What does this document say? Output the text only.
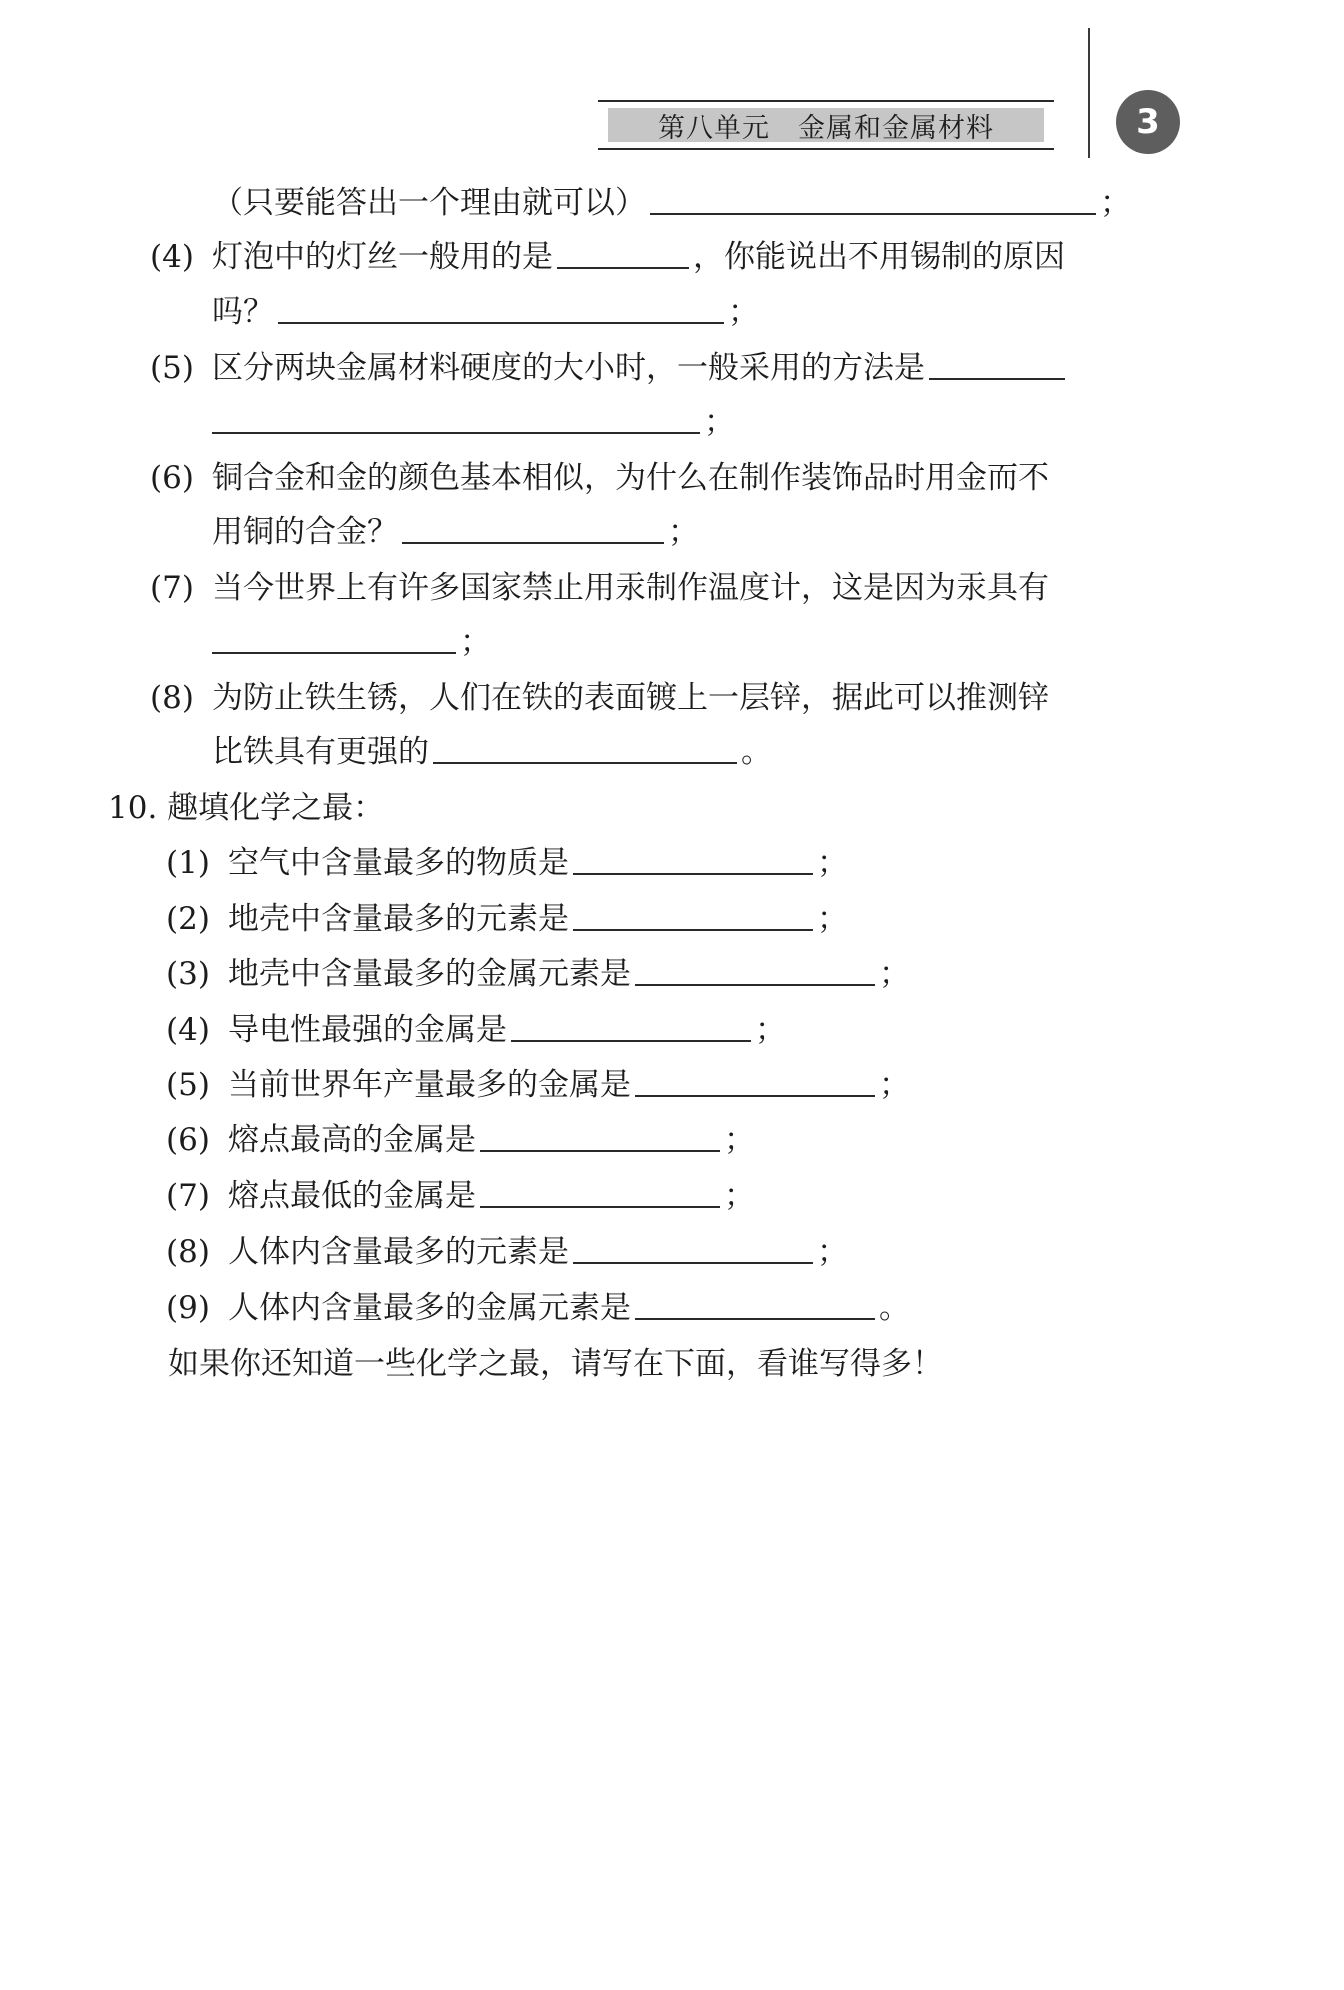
第八单元　金属和金属材料	3
（只要能答出一个理由就可以）	；
(4) 灯泡中的灯丝一般用的是	，你能说出不用锡制的原因
吗？	；
(5) 区分两块金属材料硬度的大小时，一般采用的方法是
；
(6) 铜合金和金的颜色基本相似，为什么在制作装饰品时用金而不
用铜的合金？	；
(7) 当今世界上有许多国家禁止用汞制作温度计，这是因为汞具有
；
(8) 为防止铁生锈，人们在铁的表面镀上一层锌，据此可以推测锌
比铁具有更强的	。
10. 趣填化学之最：
(1) 空气中含量最多的物质是	；
(2) 地壳中含量最多的元素是	；
(3) 地壳中含量最多的金属元素是	；
(4) 导电性最强的金属是	；
(5) 当前世界年产量最多的金属是	；
(6) 熔点最高的金属是	；
(7) 熔点最低的金属是	；
(8) 人体内含量最多的元素是	；
(9) 人体内含量最多的金属元素是	。
如果你还知道一些化学之最，请写在下面，看谁写得多！
